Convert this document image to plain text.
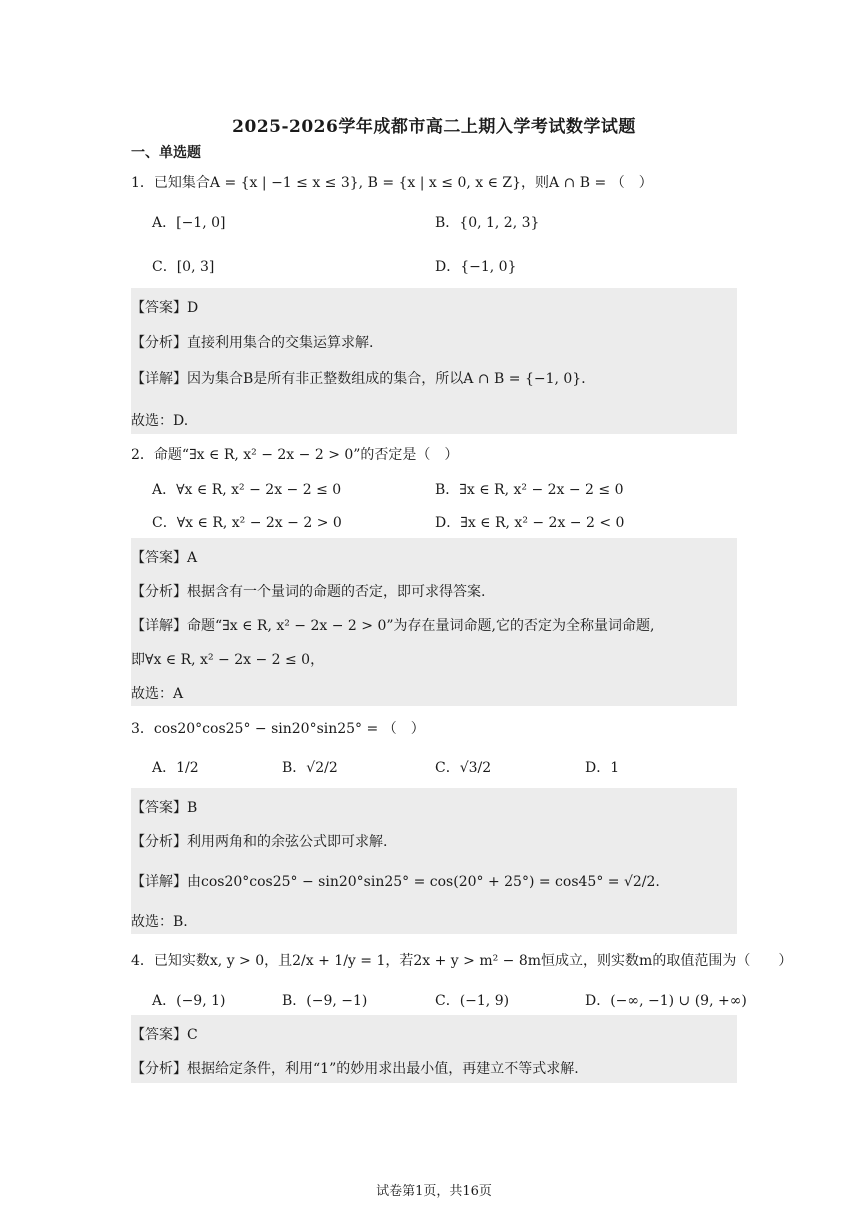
2025-2026学年成都市高二上期入学考试数学试题
一、单选题
1．已知集合A = {x | −1 ≤ x ≤ 3}, B = {x | x ≤ 0, x ∈ Z}，则A ∩ B = （　）
A．[−1, 0]	B．{0, 1, 2, 3}
C．[0, 3]	D．{−1, 0}
【答案】D
【分析】直接利用集合的交集运算求解.
【详解】因为集合B是所有非正整数组成的集合，所以A ∩ B = {−1, 0}．
故选：D.
2．命题“∃x ∈ R, x² − 2x − 2 > 0”的否定是（　）
A．∀x ∈ R, x² − 2x − 2 ≤ 0	B．∃x ∈ R, x² − 2x − 2 ≤ 0
C．∀x ∈ R, x² − 2x − 2 > 0	D．∃x ∈ R, x² − 2x − 2 < 0
【答案】A
【分析】根据含有一个量词的命题的否定，即可求得答案.
【详解】命题“∃x ∈ R, x² − 2x − 2 > 0”为存在量词命题,它的否定为全称量词命题,
即∀x ∈ R, x² − 2x − 2 ≤ 0，
故选：A
3．cos20°cos25° − sin20°sin25° = （　）
A．1/2	B．√2/2	C．√3/2	D．1
【答案】B
【分析】利用两角和的余弦公式即可求解.
【详解】由cos20°cos25° − sin20°sin25° = cos(20° + 25°) = cos45° = √2/2.
故选：B.
4．已知实数x, y > 0，且2/x + 1/y = 1，若2x + y > m² − 8m恒成立，则实数m的取值范围为（　　）
A．(−9, 1)	B．(−9, −1)	C．(−1, 9)	D．(−∞, −1) ∪ (9, +∞)
【答案】C
【分析】根据给定条件，利用“1”的妙用求出最小值，再建立不等式求解.
试卷第1页，共16页
